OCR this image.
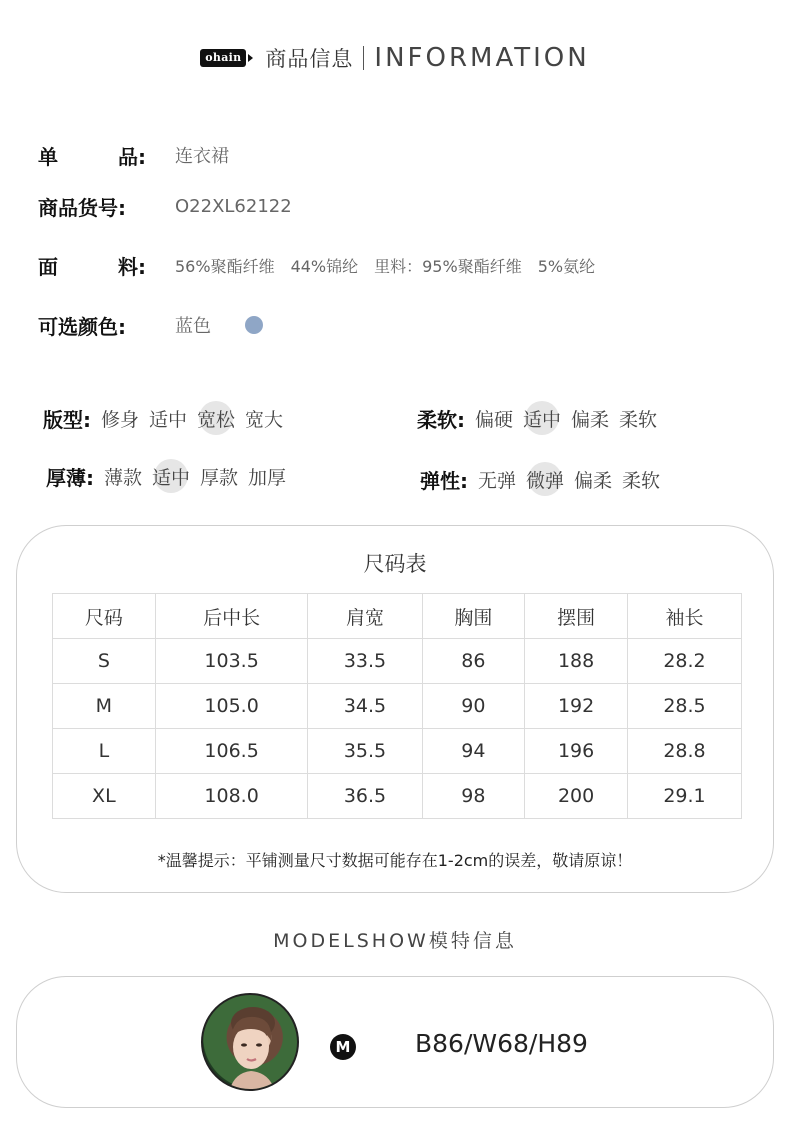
ohain 商品信息 INFORMATION
单	品: 连衣裙
商品货号:	O22XL62122
面	料: 56%聚酯纤维　44%锦纶　里料：95%聚酯纤维　5%氨纶
可选颜色:	蓝色
版型: 修身 适中 宽松 宽大	柔软: 偏硬 适中 偏柔 柔软
厚薄: 薄款 适中 厚款 加厚	弹性: 无弹 微弹 偏柔 柔软
尺码表
尺码	后中长	肩宽	胸围	摆围	袖长
S	103.5	33.5	86	188	28.2
M	105.0	34.5	90	192	28.5
L	106.5	35.5	94	196	28.8
XL	108.0	36.5	98	200	29.1
*温馨提示：平铺测量尺寸数据可能存在1-2cm的误差，敬请原谅！
MODELSHOW模特信息
M	B86/W68/H89
